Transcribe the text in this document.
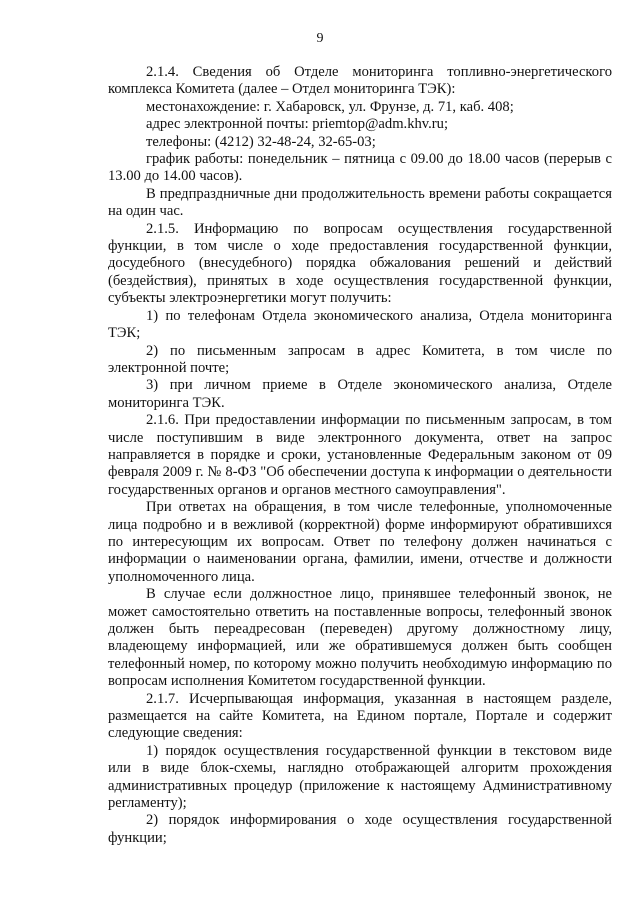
9

2.1.4. Сведения об Отделе мониторинга топливно-энергетического комплекса Комитета (далее – Отдел мониторинга ТЭК):

местонахождение: г. Хабаровск, ул. Фрунзе, д. 71, каб. 408;

адрес электронной почты: priemtop@adm.khv.ru;

телефоны: (4212) 32-48-24, 32-65-03;

график работы: понедельник – пятница с 09.00 до 18.00 часов (перерыв с 13.00 до 14.00 часов).

В предпраздничные дни продолжительность времени работы сокращается на один час.

2.1.5. Информацию по вопросам осуществления государственной функции, в том числе о ходе предоставления государственной функции, досудебного (внесудебного) порядка обжалования решений и действий (бездействия), принятых в ходе осуществления государственной функции, субъекты электроэнергетики могут получить:

1) по телефонам Отдела экономического анализа, Отдела мониторинга ТЭК;

2) по письменным запросам в адрес Комитета, в том числе по электронной почте;

3) при личном приеме в Отделе экономического анализа, Отделе мониторинга ТЭК.

2.1.6. При предоставлении информации по письменным запросам, в том числе поступившим в виде электронного документа, ответ на запрос направляется в порядке и сроки, установленные Федеральным законом от 09 февраля 2009 г. № 8-ФЗ "Об обеспечении доступа к информации о деятельности государственных органов и органов местного самоуправления".

При ответах на обращения, в том числе телефонные, уполномоченные лица подробно и в вежливой (корректной) форме информируют обратившихся по интересующим их вопросам. Ответ по телефону должен начинаться с информации о наименовании органа, фамилии, имени, отчестве и должности уполномоченного лица.

В случае если должностное лицо, принявшее телефонный звонок, не может самостоятельно ответить на поставленные вопросы, телефонный звонок должен быть переадресован (переведен) другому должностному лицу, владеющему информацией, или же обратившемуся должен быть сообщен телефонный номер, по которому можно получить необходимую информацию по вопросам исполнения Комитетом государственной функции.

2.1.7. Исчерпывающая информация, указанная в настоящем разделе, размещается на сайте Комитета, на Едином портале, Портале и содержит следующие сведения:

1) порядок осуществления государственной функции в текстовом виде или в виде блок-схемы, наглядно отображающей алгоритм прохождения административных процедур (приложение к настоящему Административному регламенту);

2) порядок информирования о ходе осуществления государственной функции;
